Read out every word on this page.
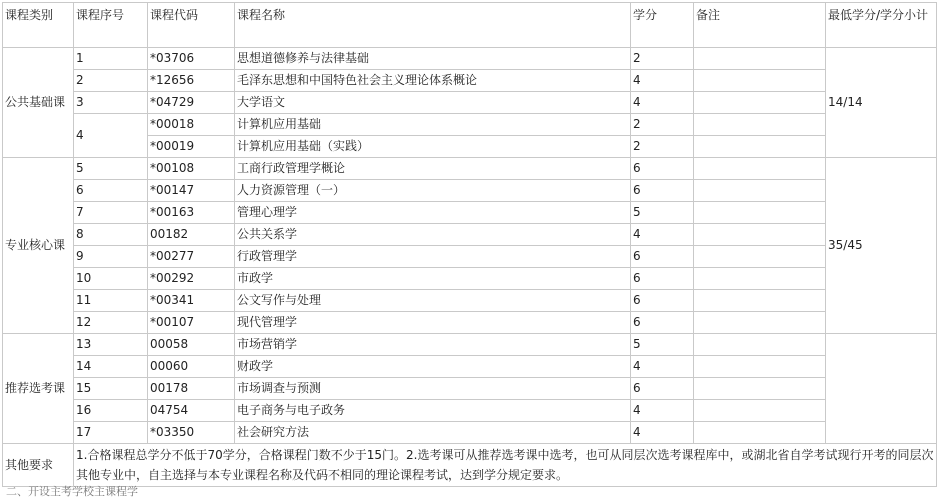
课程类别	课程序号	课程代码	课程名称	学分	备注	最低学分/学分小计
公共基础课	1	*03706	思想道德修养与法律基础	2		14/14
	2	*12656	毛泽东思想和中国特色社会主义理论体系概论	4		
	3	*04729	大学语文	4		
	4	*00018	计算机应用基础	2		
		*00019	计算机应用基础（实践）	2		
专业核心课	5	*00108	工商行政管理学概论	6		35/45
	6	*00147	人力资源管理（一）	6		
	7	*00163	管理心理学	5		
	8	00182	公共关系学	4		
	9	*00277	行政管理学	6		
	10	*00292	市政学	6		
	11	*00341	公文写作与处理	6		
	12	*00107	现代管理学	6		
推荐选考课	13	00058	市场营销学	5		
	14	00060	财政学	4		
	15	00178	市场调查与预测	6		
	16	04754	电子商务与电子政务	4		
	17	*03350	社会研究方法	4		
其他要求	1.合格课程总学分不低于70学分，合格课程门数不少于15门。2.选考课可从推荐选考课中选考，也可从同层次选考课程库中，或湖北省自学考试现行开考的同层次其他专业中，自主选择与本专业课程名称及代码不相同的理论课程考试，达到学分规定要求。					
二、开设主考学校主课程学
